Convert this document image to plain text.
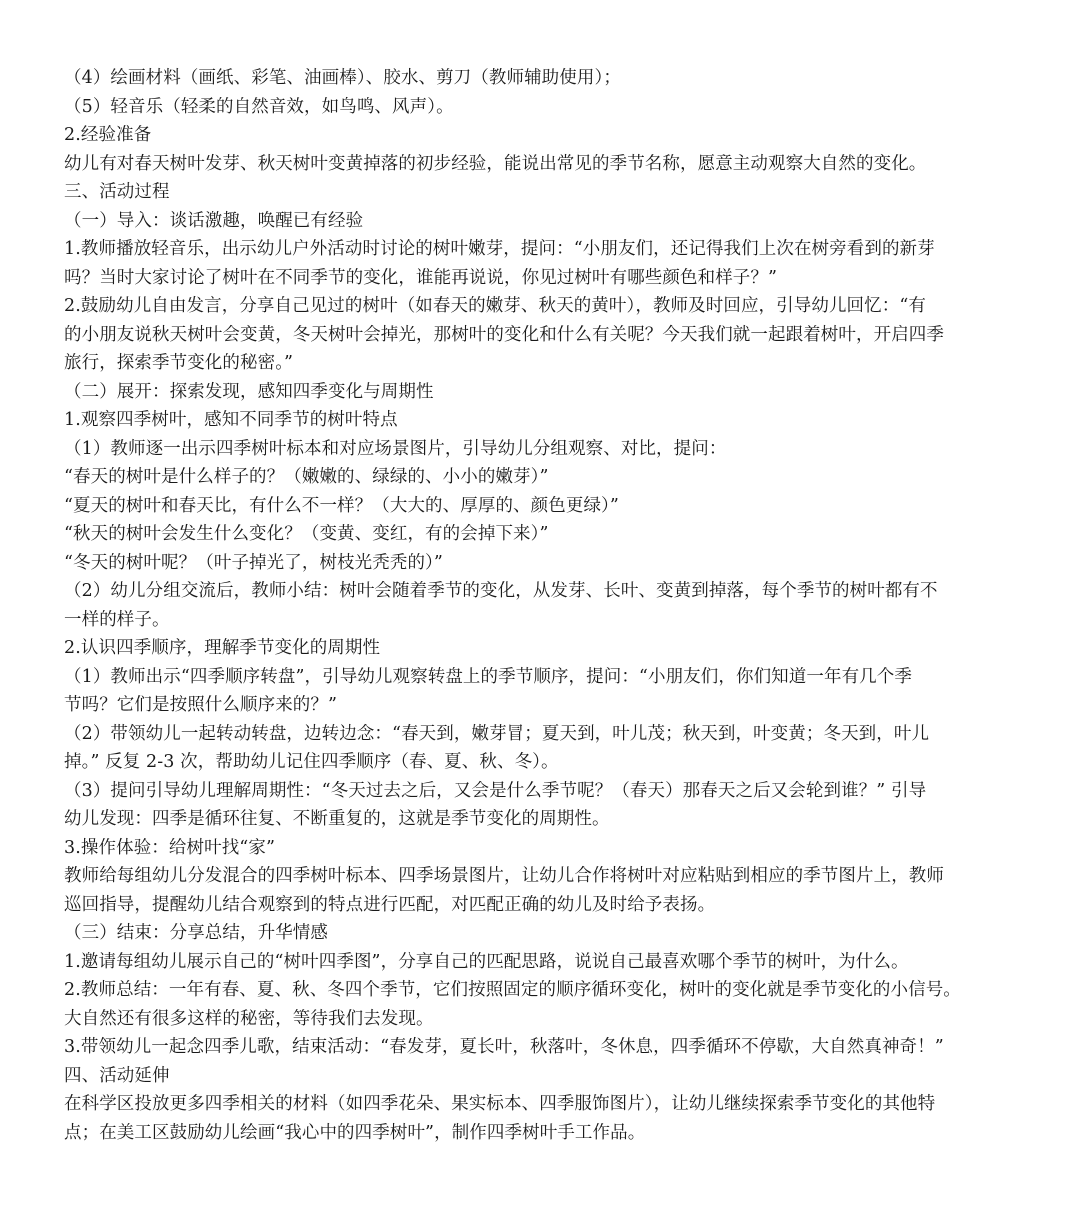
（4）绘画材料（画纸、彩笔、油画棒）、胶水、剪刀（教师辅助使用）；
（5）轻音乐（轻柔的自然音效，如鸟鸣、风声）。
2.经验准备
幼儿有对春天树叶发芽、秋天树叶变黄掉落的初步经验，能说出常见的季节名称，愿意主动观察大自然的变化。
三、活动过程
（一）导入：谈话激趣，唤醒已有经验
1.教师播放轻音乐，出示幼儿户外活动时讨论的树叶嫩芽，提问：“小朋友们，还记得我们上次在树旁看到的新芽
吗？当时大家讨论了树叶在不同季节的变化，谁能再说说，你见过树叶有哪些颜色和样子？”
2.鼓励幼儿自由发言，分享自己见过的树叶（如春天的嫩芽、秋天的黄叶），教师及时回应，引导幼儿回忆：“有
的小朋友说秋天树叶会变黄，冬天树叶会掉光，那树叶的变化和什么有关呢？今天我们就一起跟着树叶，开启四季
旅行，探索季节变化的秘密。”
（二）展开：探索发现，感知四季变化与周期性
1.观察四季树叶，感知不同季节的树叶特点
（1）教师逐一出示四季树叶标本和对应场景图片，引导幼儿分组观察、对比，提问：
“春天的树叶是什么样子的？（嫩嫩的、绿绿的、小小的嫩芽）”
“夏天的树叶和春天比，有什么不一样？（大大的、厚厚的、颜色更绿）”
“秋天的树叶会发生什么变化？（变黄、变红，有的会掉下来）”
“冬天的树叶呢？（叶子掉光了，树枝光秃秃的）”
（2）幼儿分组交流后，教师小结：树叶会随着季节的变化，从发芽、长叶、变黄到掉落，每个季节的树叶都有不
一样的样子。
2.认识四季顺序，理解季节变化的周期性
（1）教师出示“四季顺序转盘”，引导幼儿观察转盘上的季节顺序，提问：“小朋友们，你们知道一年有几个季
节吗？它们是按照什么顺序来的？”
（2）带领幼儿一起转动转盘，边转边念：“春天到，嫩芽冒；夏天到，叶儿茂；秋天到，叶变黄；冬天到，叶儿
掉。” 反复 2-3 次，帮助幼儿记住四季顺序（春、夏、秋、冬）。
（3）提问引导幼儿理解周期性：“冬天过去之后，又会是什么季节呢？（春天）那春天之后又会轮到谁？” 引导
幼儿发现：四季是循环往复、不断重复的，这就是季节变化的周期性。
3.操作体验：给树叶找“家”
教师给每组幼儿分发混合的四季树叶标本、四季场景图片，让幼儿合作将树叶对应粘贴到相应的季节图片上，教师
巡回指导，提醒幼儿结合观察到的特点进行匹配，对匹配正确的幼儿及时给予表扬。
（三）结束：分享总结，升华情感
1.邀请每组幼儿展示自己的“树叶四季图”，分享自己的匹配思路，说说自己最喜欢哪个季节的树叶，为什么。
2.教师总结：一年有春、夏、秋、冬四个季节，它们按照固定的顺序循环变化，树叶的变化就是季节变化的小信号。
大自然还有很多这样的秘密，等待我们去发现。
3.带领幼儿一起念四季儿歌，结束活动：“春发芽，夏长叶，秋落叶，冬休息，四季循环不停歇，大自然真神奇！”
四、活动延伸
在科学区投放更多四季相关的材料（如四季花朵、果实标本、四季服饰图片），让幼儿继续探索季节变化的其他特
点；在美工区鼓励幼儿绘画“我心中的四季树叶”，制作四季树叶手工作品。
